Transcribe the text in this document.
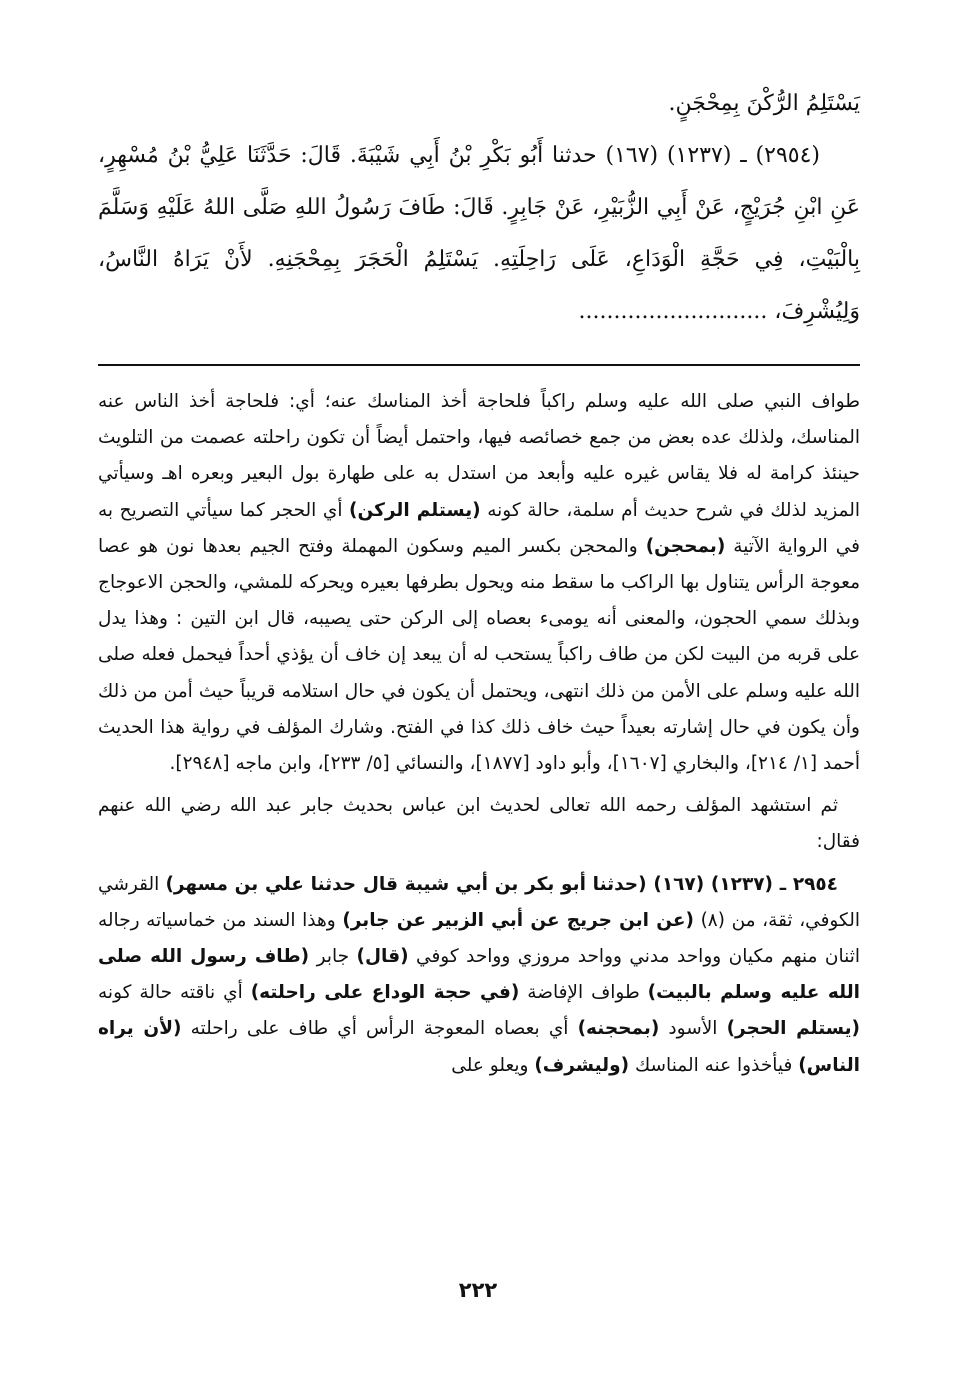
يَسْتَلِمُ الرُّكْنَ بِمِحْجَنٍ.

(٢٩٥٤) ـ (١٢٣٧) (١٦٧) حدثنا أَبُو بَكْرِ بْنُ أَبِي شَيْبَةَ. قَالَ: حَدَّثَنَا عَلِيُّ بْنُ مُسْهِرٍ، عَنِ ابْنِ جُرَيْجٍ، عَنْ أَبِي الزُّبَيْرِ، عَنْ جَابِرٍ. قَالَ: طَافَ رَسُولُ اللهِ صَلَّى اللهُ عَلَيْهِ وَسَلَّمَ بِالْبَيْتِ، فِي حَجَّةِ الْوَدَاعِ، عَلَى رَاحِلَتِهِ. يَسْتَلِمُ الْحَجَرَ بِمِحْجَنِهِ. لأَنْ يَرَاهُ النَّاسُ، وَلِيُشْرِفَ، ...........................

طواف النبي صلى الله عليه وسلم راكباً فلحاجة أخذ المناسك عنه؛ أي: فلحاجة أخذ الناس عنه المناسك، ولذلك عده بعض من جمع خصائصه فيها، واحتمل أيضاً أن تكون راحلته عصمت من التلويث حينئذ كرامة له فلا يقاس غيره عليه وأبعد من استدل به على طهارة بول البعير وبعره اهـ وسيأتي المزيد لذلك في شرح حديث أم سلمة، حالة كونه (يستلم الركن) أي الحجر كما سيأتي التصريح به في الرواية الآتية (بمحجن) والمحجن بكسر الميم وسكون المهملة وفتح الجيم بعدها نون هو عصا معوجة الرأس يتناول بها الراكب ما سقط منه ويحول بطرفها بعيره ويحركه للمشي، والحجن الاعوجاج وبذلك سمي الحجون، والمعنى أنه يومىء بعصاه إلى الركن حتى يصيبه، قال ابن التين : وهذا يدل على قربه من البيت لكن من طاف راكباً يستحب له أن يبعد إن خاف أن يؤذي أحداً فيحمل فعله صلى الله عليه وسلم على الأمن من ذلك انتهى، ويحتمل أن يكون في حال استلامه قريباً حيث أمن من ذلك وأن يكون في حال إشارته بعيداً حيث خاف ذلك كذا في الفتح. وشارك المؤلف في رواية هذا الحديث أحمد [١/ ٢١٤]، والبخاري [١٦٠٧]، وأبو داود [١٨٧٧]، والنسائي [٥/ ٢٣٣]، وابن ماجه [٢٩٤٨].

ثم استشهد المؤلف رحمه الله تعالى لحديث ابن عباس بحديث جابر عبد الله رضي الله عنهم فقال:

٢٩٥٤ ـ (١٢٣٧) (١٦٧) (حدثنا أبو بكر بن أبي شيبة قال حدثنا علي بن مسهر) القرشي الكوفي، ثقة، من (٨) (عن ابن جريج عن أبي الزبير عن جابر) وهذا السند من خماسياته رجاله اثنان منهم مكيان وواحد مدني وواحد مروزي وواحد كوفي (قال) جابر (طاف رسول الله صلى الله عليه وسلم بالبيت) طواف الإفاضة (في حجة الوداع على راحلته) أي ناقته حالة كونه (يستلم الحجر) الأسود (بمحجنه) أي بعصاه المعوجة الرأس أي طاف على راحلته (لأن يراه الناس) فيأخذوا عنه المناسك (وليشرف) ويعلو على

٢٢٢
